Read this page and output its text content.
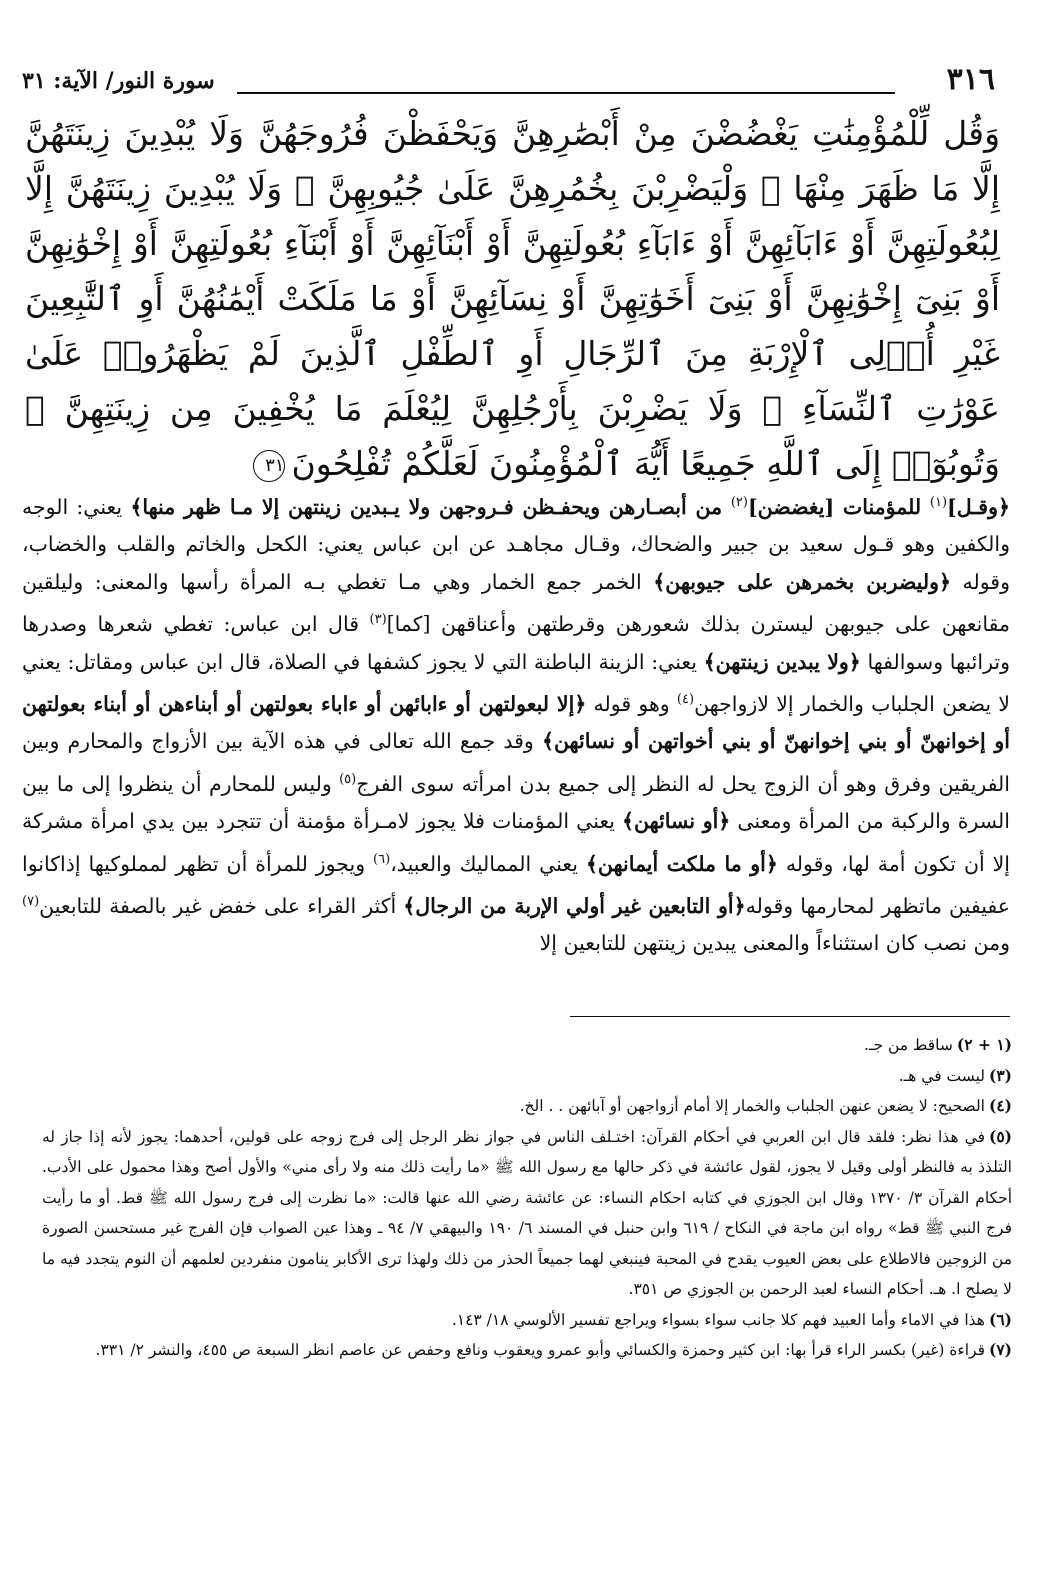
٣١٦
سورة النور/ الآية: ٣١
وَقُل لِّلْمُؤْمِنَٰتِ يَغْضُضْنَ مِنْ أَبْصَٰرِهِنَّ وَيَحْفَظْنَ فُرُوجَهُنَّ وَلَا يُبْدِينَ زِينَتَهُنَّ إِلَّا مَا ظَهَرَ مِنْهَا ۖ وَلْيَضْرِبْنَ بِخُمُرِهِنَّ عَلَىٰ جُيُوبِهِنَّ ۖ وَلَا يُبْدِينَ زِينَتَهُنَّ إِلَّا لِبُعُولَتِهِنَّ أَوْ ءَابَآئِهِنَّ أَوْ ءَابَآءِ بُعُولَتِهِنَّ أَوْ أَبْنَآئِهِنَّ أَوْ أَبْنَآءِ بُعُولَتِهِنَّ أَوْ إِخْوَٰنِهِنَّ أَوْ بَنِىٓ إِخْوَٰنِهِنَّ أَوْ بَنِىٓ أَخَوَٰتِهِنَّ أَوْ نِسَآئِهِنَّ أَوْ مَا مَلَكَتْ أَيْمَٰنُهُنَّ أَوِ ٱلتَّٰبِعِينَ غَيْرِ أُو۟لِى ٱلْإِرْبَةِ مِنَ ٱلرِّجَالِ أَوِ ٱلطِّفْلِ ٱلَّذِينَ لَمْ يَظْهَرُوا۟ عَلَىٰ عَوْرَٰتِ ٱلنِّسَآءِ ۖ وَلَا يَضْرِبْنَ بِأَرْجُلِهِنَّ لِيُعْلَمَ مَا يُخْفِينَ مِن زِينَتِهِنَّ ۚ وَتُوبُوٓا۟ إِلَى ٱللَّهِ جَمِيعًا أَيُّهَ ٱلْمُؤْمِنُونَ لَعَلَّكُمْ تُفْلِحُونَ٣١
﴿وقـل]$^{(١)}$ للمؤمنات [يغضضن]$^{(٢)}$ من أبصـارهن ويحفـظن فـروجهن ولا يـبدين زينتهن إلا مـا ظهر منها﴾ يعني: الوجه والكفين وهو قـول سعيد بن جبير والضحاك، وقـال مجاهـد عن ابن عباس يعني: الكحل والخاتم والقلب والخضاب، وقوله ﴿وليضربن بخمرهن على جيوبهن﴾ الخمر جمع الخمار وهي مـا تغطي بـه المرأة رأسها والمعنى: وليلقين مقانعهن على جيوبهن ليسترن بذلك شعورهن وقرطتهن وأعناقهن [كما]$^{(٣)}$ قال ابن عباس: تغطي شعرها وصدرها وترائبها وسوالفها ﴿ولا يبدين زينتهن﴾ يعني: الزينة الباطنة التي لا يجوز كشفها في الصلاة، قال ابن عباس ومقاتل: يعني لا يضعن الجلباب والخمار إلا لازواجهن$^{(٤)}$ وهو قوله ﴿إلا لبعولتهن أو ءابائهن أو ءاباء بعولتهن أو أبناءهن أو أبناء بعولتهن أو إخوانهنّ أو بني إخوانهنّ أو بني أخواتهن أو نسائهن﴾ وقد جمع الله تعالى في هذه الآية بين الأزواج والمحارم وبين الفريقين وفرق وهو أن الزوج يحل له النظر إلى جميع بدن امرأته سوى الفرج$^{(٥)}$ وليس للمحارم أن ينظروا إلى ما بين السرة والركبة من المرأة ومعنى ﴿أو نسائهن﴾ يعني المؤمنات فلا يجوز لامـرأة مؤمنة أن تتجرد بين يدي امرأة مشركة إلا أن تكون أمة لها، وقوله ﴿أو ما ملكت أيمانهن﴾ يعني المماليك والعبيد،$^{(٦)}$ ويجوز للمرأة أن تظهر لمملوكيها إذاكانوا عفيفين ماتظهر لمحارمها وقوله﴿أو التابعين غير أولي الإربة من الرجال﴾ أكثر القراء على خفض غير بالصفة للتابعين$^{(٧)}$ ومن نصب كان استثناءاً والمعنى يبدين زينتهن للتابعين إلا
(١ + ٢)ساقط من جـ.
(٣)ليست في هـ.
(٤)الصحيح: لا يضعن عنهن الجلباب والخمار إلا أمام أزواجهن أو آبائهن . . الخ.
(٥)في هذا نظر: فلقد قال ابن العربي في أحكام القرآن: اختـلف الناس في جواز نظر الرجل إلى فرج زوجه على قولين، أحدهما: يجوز لأنه إذا جاز له التلذذ به فالنظر أولى وقيل لا يجوز، لقول عائشة في ذكر حالها مع رسول الله ﷺ «ما رأيت ذلك منه ولا رأى مني» والأول أصح وهذا محمول على الأدب. أحكام القرآن ٣/ ١٣٧٠ وقال ابن الجوزي في كتابه احكام النساء: عن عائشة رضي الله عنها قالت: «ما نظرت إلى فرج رسول الله ﷺ قط. أو ما رأيت فرج النبي ﷺ قط» رواه ابن ماجة في النكاح / ٦١٩ وابن حنبل في المسند ٦/ ١٩٠ والبيهقي ٧/ ٩٤ ـ وهذا عين الصواب فإن الفرج غير مستحسن الصورة من الزوجين فالاطلاع على بعض العيوب يقدح في المحبة فينبغي لهما جميعاً الحذر من ذلك ولهذا ترى الأكابر ينامون منفردين لعلمهم أن النوم يتجدد فيه ما لا يصلح ا. هـ. أحكام النساء لعبد الرحمن بن الجوزي ص ٣٥١.
(٦)هذا في الاماء وأما العبيد فهم كلا جانب سواء بسواء ويراجع تفسير الألوسي ١٨/ ١٤٣.
(٧)قراءة (غير) بكسر الراء قرأ بها: ابن كثير وحمزة والكسائي وأبو عمرو ويعقوب ونافع وحفص عن عاصم انظر السبعة ص ٤٥٥، والنشر ٢/ ٣٣١.
